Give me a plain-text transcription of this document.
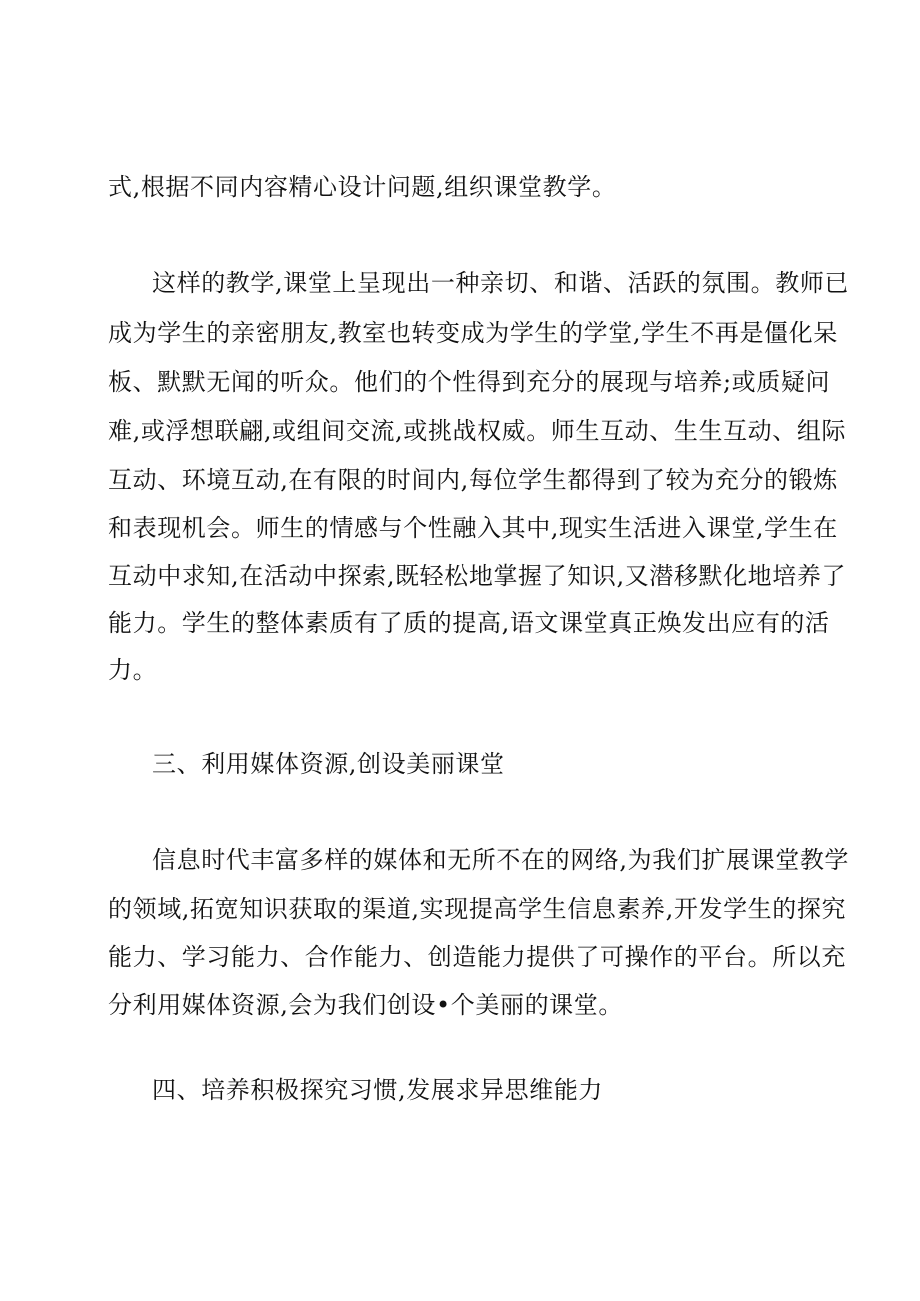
式,根据不同内容精心设计问题,组织课堂教学。
这样的教学,课堂上呈现出一种亲切、和谐、活跃的氛围。教师已
成为学生的亲密朋友,教室也转变成为学生的学堂,学生不再是僵化呆
板、默默无闻的听众。他们的个性得到充分的展现与培养;或质疑问
难,或浮想联翩,或组间交流,或挑战权威。师生互动、生生互动、组际
互动、环境互动,在有限的时间内,每位学生都得到了较为充分的锻炼
和表现机会。师生的情感与个性融入其中,现实生活进入课堂,学生在
互动中求知,在活动中探索,既轻松地掌握了知识,又潜移默化地培养了
能力。学生的整体素质有了质的提高,语文课堂真正焕发出应有的活
力。
三、利用媒体资源,创设美丽课堂
信息时代丰富多样的媒体和无所不在的网络,为我们扩展课堂教学
的领域,拓宽知识获取的渠道,实现提高学生信息素养,开发学生的探究
能力、学习能力、合作能力、创造能力提供了可操作的平台。所以充
分利用媒体资源,会为我们创设•个美丽的课堂。
四、培养积极探究习惯,发展求异思维能力
